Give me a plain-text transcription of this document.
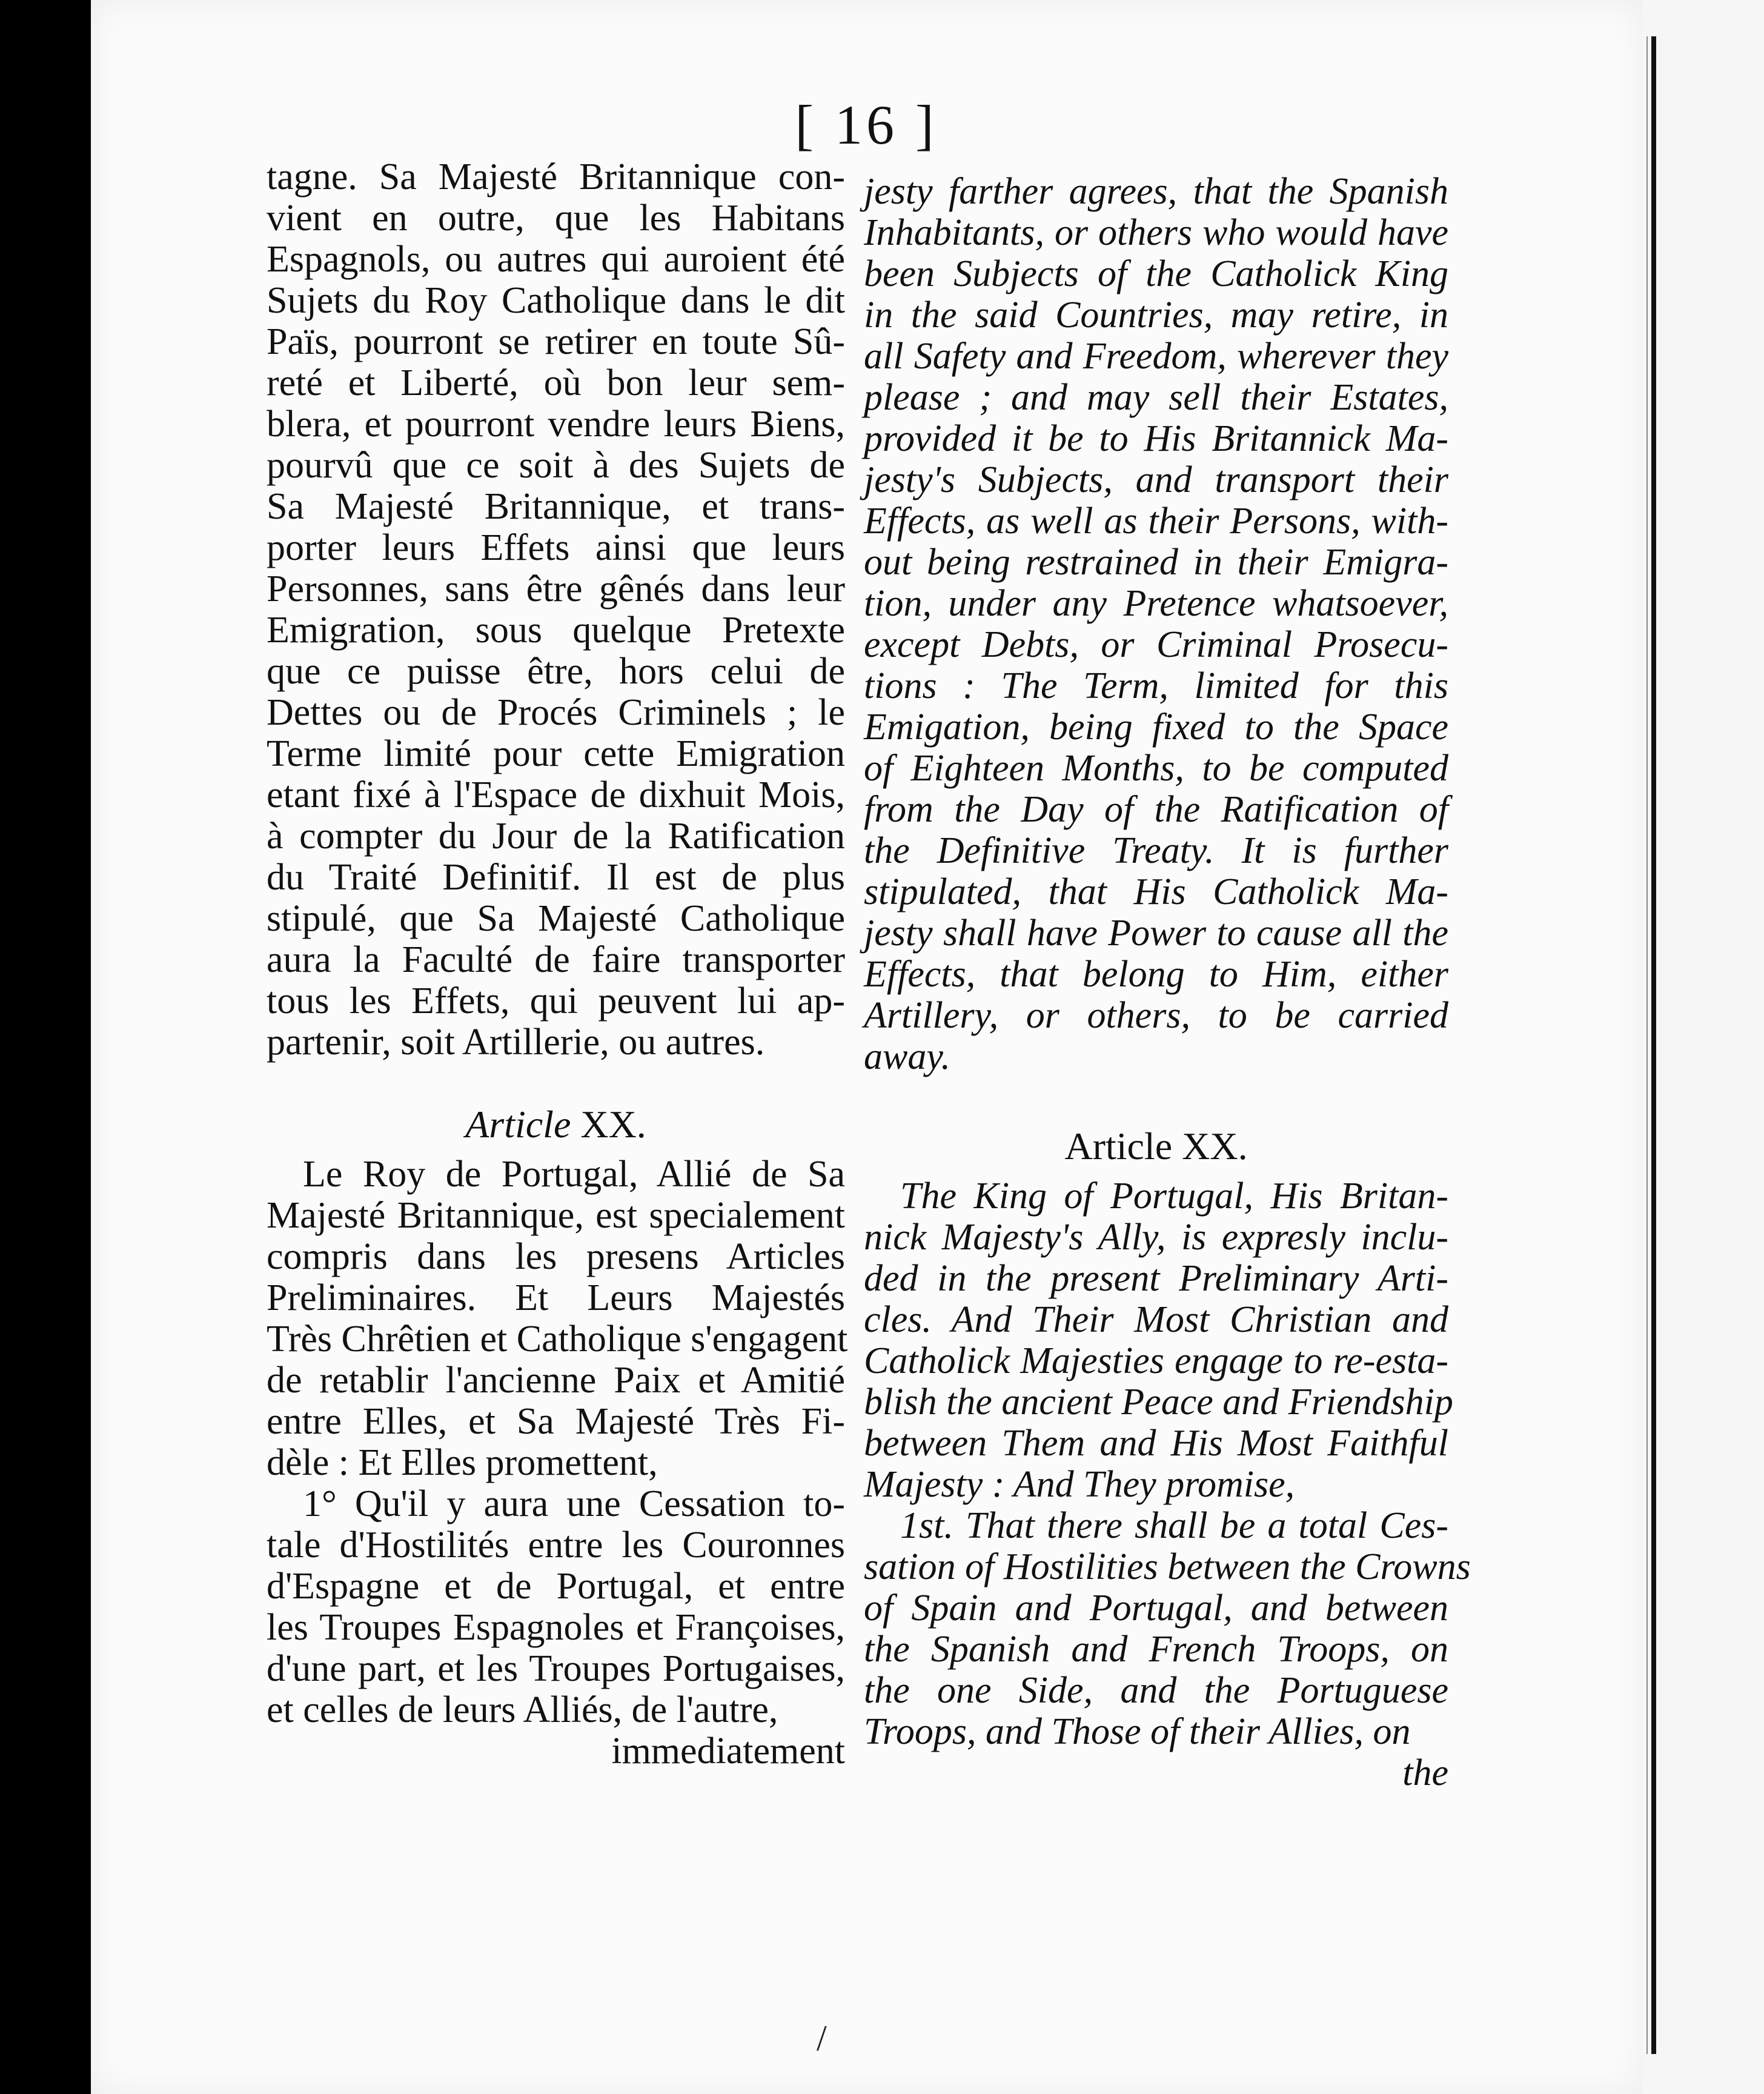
[ 16 ]
tagne. Sa Majesté Britannique con-
vient en outre, que les Habitans
Espagnols, ou autres qui auroient été
Sujets du Roy Catholique dans le dit
Païs, pourront se retirer en toute Sû-
reté et Liberté, où bon leur sem-
blera, et pourront vendre leurs Biens,
pourvû que ce soit à des Sujets de
Sa Majesté Britannique, et trans-
porter leurs Effets ainsi que leurs
Personnes, sans être gênés dans leur
Emigration, sous quelque Pretexte
que ce puisse être, hors celui de
Dettes ou de Procés Criminels ; le
Terme limité pour cette Emigration
etant fixé à l'Espace de dixhuit Mois,
à compter du Jour de la Ratification
du Traité Definitif. Il est de plus
stipulé, que Sa Majesté Catholique
aura la Faculté de faire transporter
tous les Effets, qui peuvent lui ap-
partenir, soit Artillerie, ou autres.
Article XX.
Le Roy de Portugal, Allié de Sa
Majesté Britannique, est specialement
compris dans les presens Articles
Preliminaires. Et Leurs Majestés
Très Chrêtien et Catholique s'engagent
de retablir l'ancienne Paix et Amitié
entre Elles, et Sa Majesté Très Fi-
dèle : Et Elles promettent,
1° Qu'il y aura une Cessation to-
tale d'Hostilités entre les Couronnes
d'Espagne et de Portugal, et entre
les Troupes Espagnoles et Françoises,
d'une part, et les Troupes Portugaises,
et celles de leurs Alliés, de l'autre,
immediatement
jesty farther agrees, that the Spanish
Inhabitants, or others who would have
been Subjects of the Catholick King
in the said Countries, may retire, in
all Safety and Freedom, wherever they
please ; and may sell their Estates,
provided it be to His Britannick Ma-
jesty's Subjects, and transport their
Effects, as well as their Persons, with-
out being restrained in their Emigra-
tion, under any Pretence whatsoever,
except Debts, or Criminal Prosecu-
tions : The Term, limited for this
Emigation, being fixed to the Space
of Eighteen Months, to be computed
from the Day of the Ratification of
the Definitive Treaty. It is further
stipulated, that His Catholick Ma-
jesty shall have Power to cause all the
Effects, that belong to Him, either
Artillery, or others, to be carried
away.
Article XX.
The King of Portugal, His Britan-
nick Majesty's Ally, is expresly inclu-
ded in the present Preliminary Arti-
cles. And Their Most Christian and
Catholick Majesties engage to re-esta-
blish the ancient Peace and Friendship
between Them and His Most Faithful
Majesty : And They promise,
1st. That there shall be a total Ces-
sation of Hostilities between the Crowns
of Spain and Portugal, and between
the Spanish and French Troops, on
the one Side, and the Portuguese
Troops, and Those of their Allies, on
the
/
